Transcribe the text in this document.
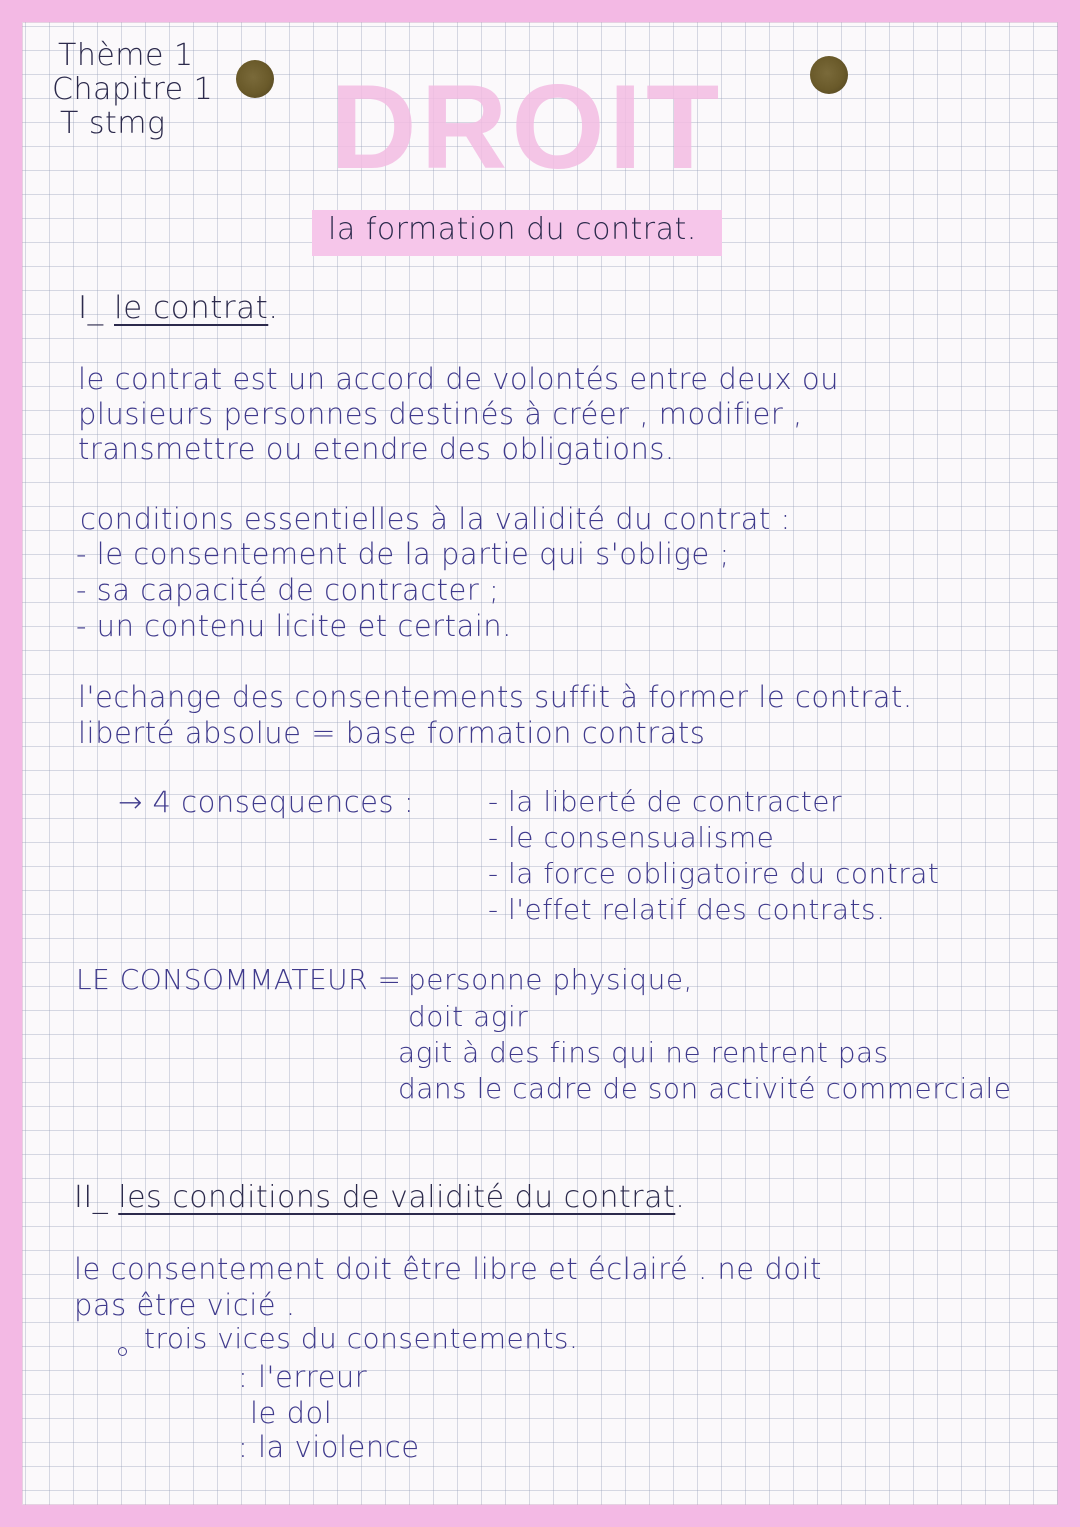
Thème 1

Chapitre 1

T stmg DROIT

la formation du contrat.

I_ le contrat.

le contrat est un accord de volontés entre deux ou

plusieurs personnes destinés à créer , modifier ,

transmettre ou etendre des obligations.

conditions essentielles à la validité du contrat :

- le consentement de la partie qui s'oblige ;

- sa capacité de contracter ;

- un contenu licite et certain.

l'echange des consentements suffit à former le contrat.

liberté absolue = base formation contrats

→ 4 consequences :	- la liberté de contracter

- le consensualisme

- la force obligatoire du contrat

- l'effet relatif des contrats.

LE CONSOMMATEUR = personne physique,

doit agir

agit à des fins qui ne rentrent pas

dans le cadre de son activité commerciale

II_ les conditions de validité du contrat.

le consentement doit être libre et éclairé . ne doit

pas être vicié .

trois vices du consentements.

: l'erreur

le dol

: la violence
